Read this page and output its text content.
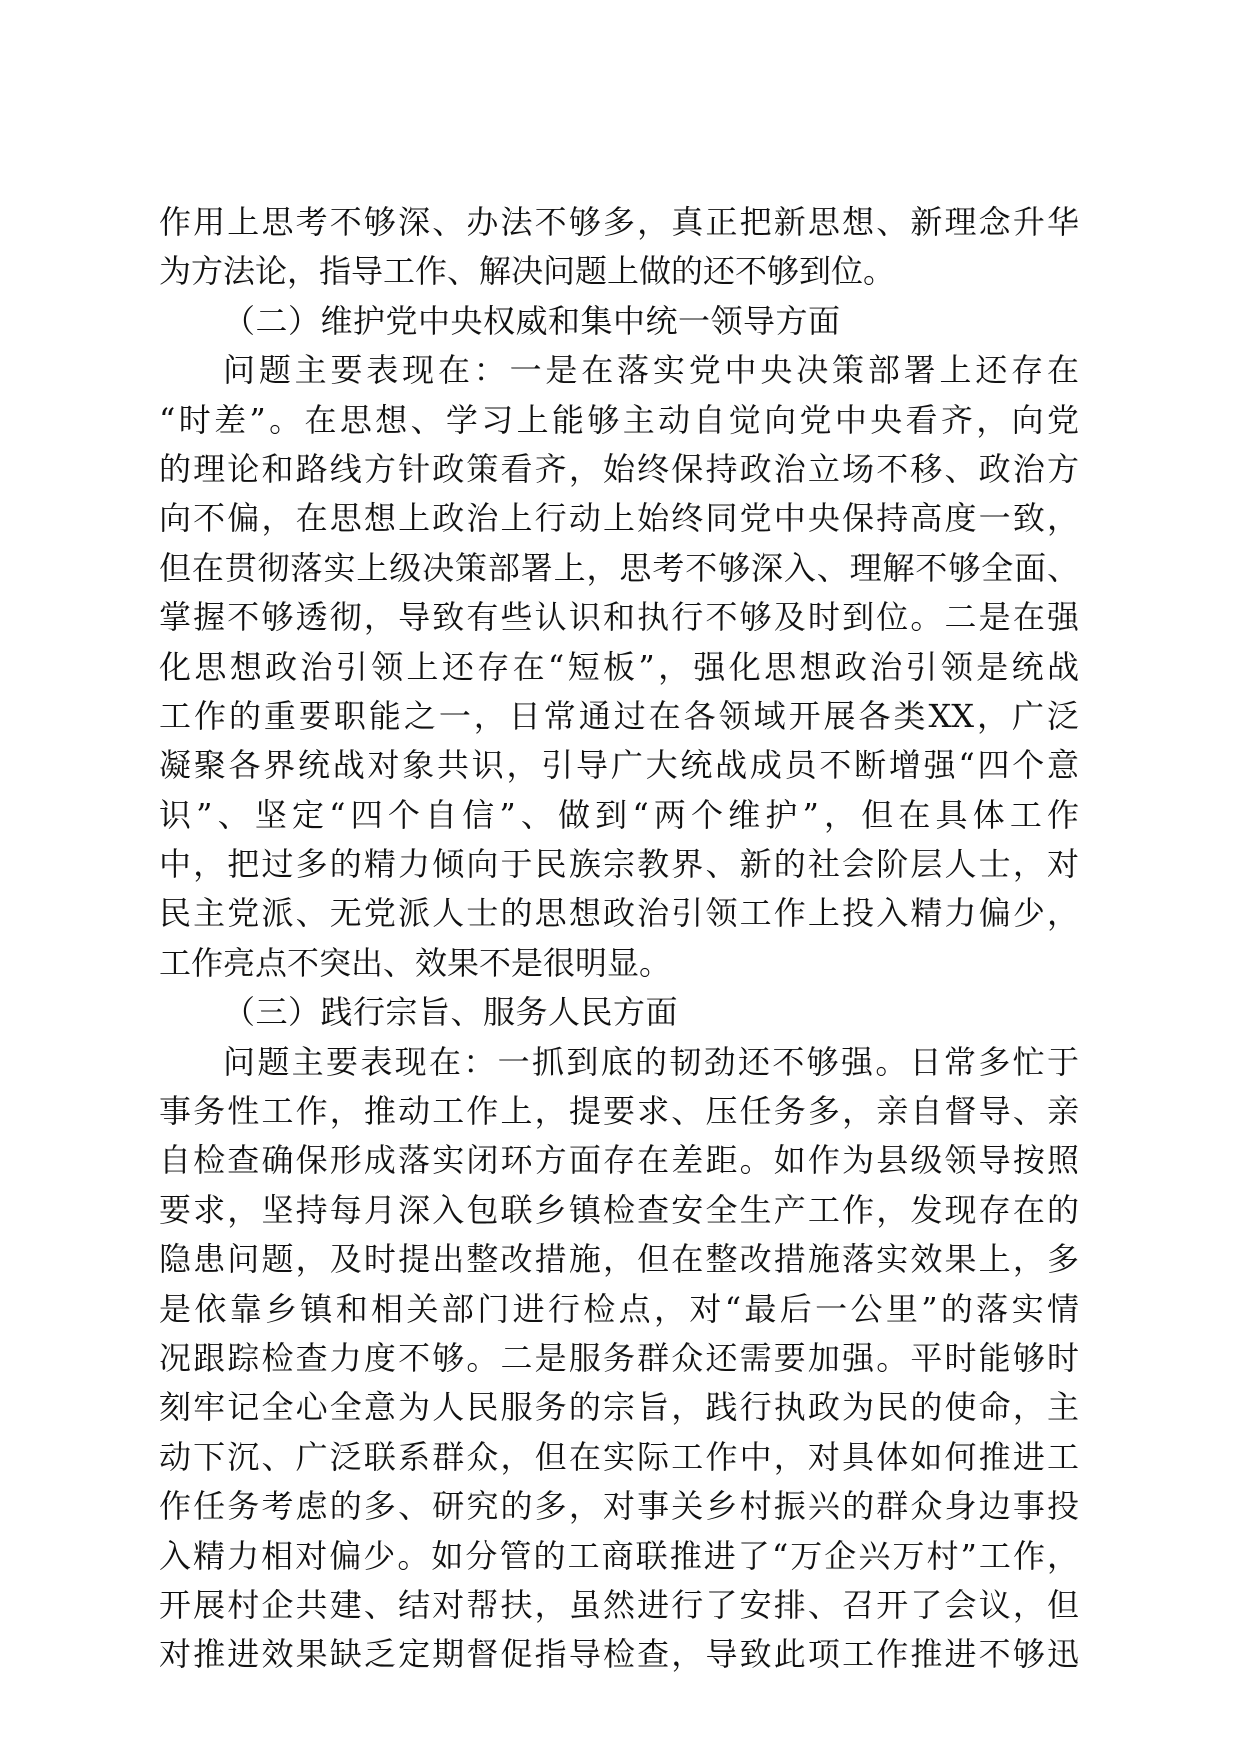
作用上思考不够深、办法不够多，真正把新思想、新理念升华
为方法论，指导工作、解决问题上做的还不够到位。
（二）维护党中央权威和集中统一领导方面
问题主要表现在：一是在落实党中央决策部署上还存在
“时差”。在思想、学习上能够主动自觉向党中央看齐，向党
的理论和路线方针政策看齐，始终保持政治立场不移、政治方
向不偏，在思想上政治上行动上始终同党中央保持高度一致，
但在贯彻落实上级决策部署上，思考不够深入、理解不够全面、
掌握不够透彻，导致有些认识和执行不够及时到位。二是在强
化思想政治引领上还存在“短板”，强化思想政治引领是统战
工作的重要职能之一，日常通过在各领域开展各类XX，广泛
凝聚各界统战对象共识，引导广大统战成员不断增强“四个意
识”、坚定“四个自信”、做到“两个维护”，但在具体工作
中，把过多的精力倾向于民族宗教界、新的社会阶层人士，对
民主党派、无党派人士的思想政治引领工作上投入精力偏少，
工作亮点不突出、效果不是很明显。
（三）践行宗旨、服务人民方面
问题主要表现在：一抓到底的韧劲还不够强。日常多忙于
事务性工作，推动工作上，提要求、压任务多，亲自督导、亲
自检查确保形成落实闭环方面存在差距。如作为县级领导按照
要求，坚持每月深入包联乡镇检查安全生产工作，发现存在的
隐患问题，及时提出整改措施，但在整改措施落实效果上，多
是依靠乡镇和相关部门进行检点，对“最后一公里”的落实情
况跟踪检查力度不够。二是服务群众还需要加强。平时能够时
刻牢记全心全意为人民服务的宗旨，践行执政为民的使命，主
动下沉、广泛联系群众，但在实际工作中，对具体如何推进工
作任务考虑的多、研究的多，对事关乡村振兴的群众身边事投
入精力相对偏少。如分管的工商联推进了“万企兴万村”工作，
开展村企共建、结对帮扶，虽然进行了安排、召开了会议，但
对推进效果缺乏定期督促指导检查，导致此项工作推进不够迅
